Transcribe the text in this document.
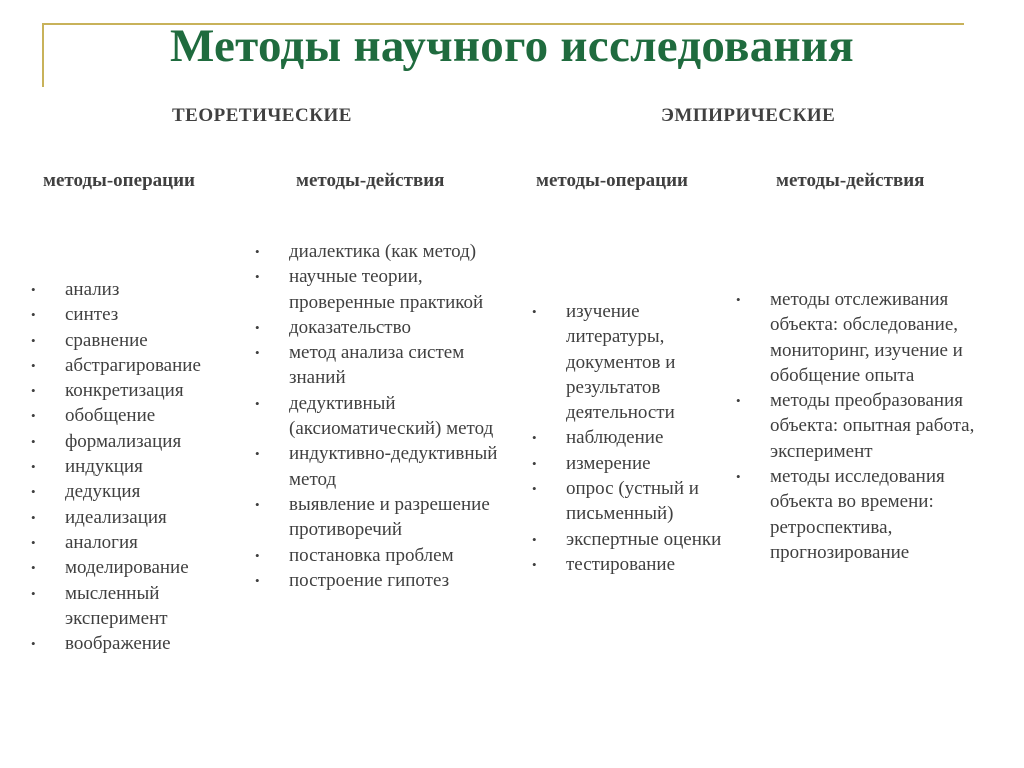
Методы научного исследования
ТЕОРЕТИЧЕСКИЕ	ЭМПИРИЧЕСКИЕ
методы-операции	методы-действия	методы-операции	методы-действия
• анализ
• синтез
• сравнение
• абстрагирование
• конкретизация
• обобщение
• формализация
• индукция
• дедукция
• идеализация
• аналогия
• моделирование
• мысленный эксперимент
• воображение
• диалектика (как метод)
• научные теории, проверенные практикой
• доказательство
• метод анализа систем знаний
• дедуктивный (аксиоматический) метод
• индуктивно-дедуктивный метод
• выявление и разрешение противоречий
• постановка проблем
• построение гипотез
• изучение литературы, документов и результатов деятельности
• наблюдение
• измерение
• опрос (устный и письменный)
• экспертные оценки
• тестирование
• методы отслеживания объекта: обследование, мониторинг, изучение и обобщение опыта
• методы преобразования объекта: опытная работа, эксперимент
• методы исследования объекта во времени: ретроспектива, прогнозирование
